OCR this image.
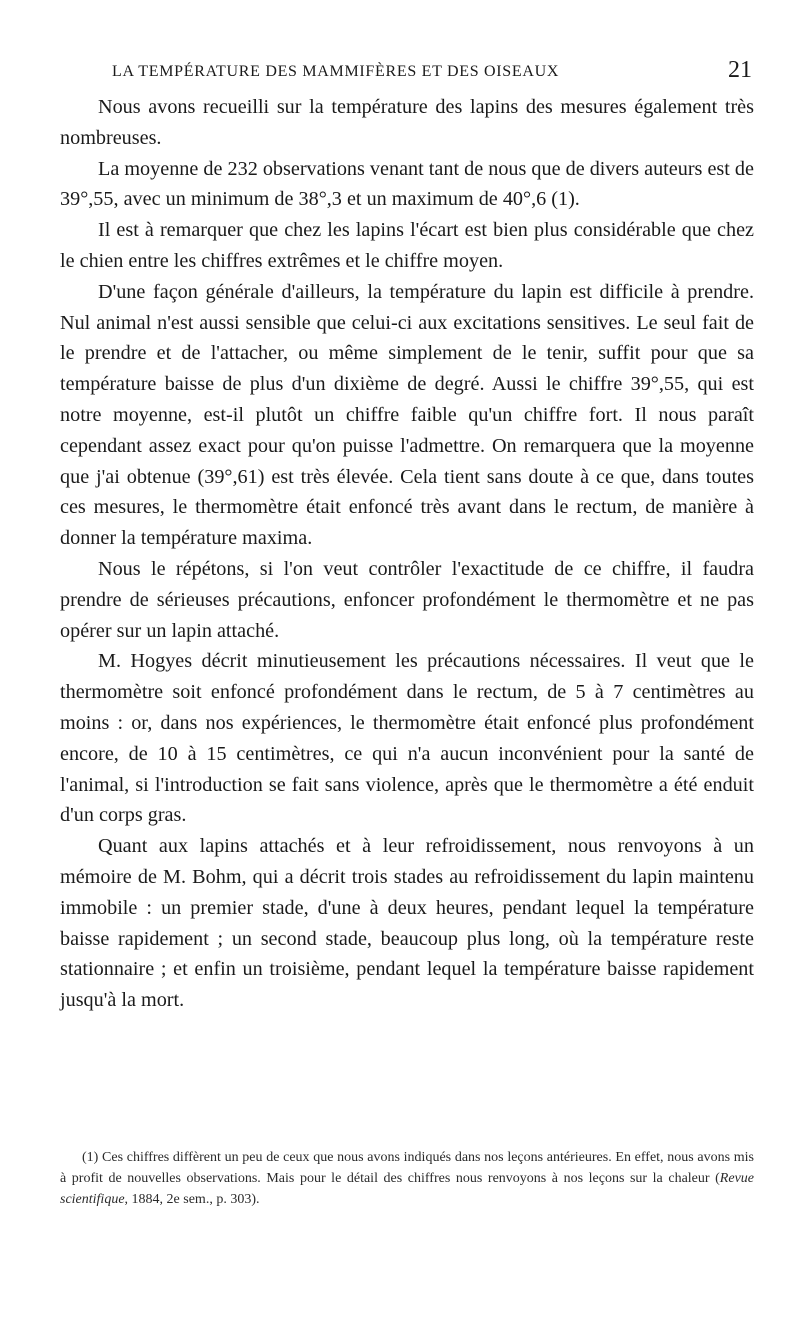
LA TEMPÉRATURE DES MAMMIFÈRES ET DES OISEAUX	21

Nous avons recueilli sur la température des lapins des mesures également très nombreuses.

La moyenne de 232 observations venant tant de nous que de divers auteurs est de 39°,55, avec un minimum de 38°,3 et un maximum de 40°,6 (1).

Il est à remarquer que chez les lapins l'écart est bien plus considérable que chez le chien entre les chiffres extrêmes et le chiffre moyen.

D'une façon générale d'ailleurs, la température du lapin est difficile à prendre. Nul animal n'est aussi sensible que celui-ci aux excitations sensitives. Le seul fait de le prendre et de l'attacher, ou même simplement de le tenir, suffit pour que sa température baisse de plus d'un dixième de degré. Aussi le chiffre 39°,55, qui est notre moyenne, est-il plutôt un chiffre faible qu'un chiffre fort. Il nous paraît cependant assez exact pour qu'on puisse l'admettre. On remarquera que la moyenne que j'ai obtenue (39°,61) est très élevée. Cela tient sans doute à ce que, dans toutes ces mesures, le thermomètre était enfoncé très avant dans le rectum, de manière à donner la température maxima.

Nous le répétons, si l'on veut contrôler l'exactitude de ce chiffre, il faudra prendre de sérieuses précautions, enfoncer profondément le thermomètre et ne pas opérer sur un lapin attaché.

M. Hogyes décrit minutieusement les précautions nécessaires. Il veut que le thermomètre soit enfoncé profondément dans le rectum, de 5 à 7 centimètres au moins : or, dans nos expériences, le thermomètre était enfoncé plus profondément encore, de 10 à 15 centimètres, ce qui n'a aucun inconvénient pour la santé de l'animal, si l'introduction se fait sans violence, après que le thermomètre a été enduit d'un corps gras.

Quant aux lapins attachés et à leur refroidissement, nous renvoyons à un mémoire de M. Bohm, qui a décrit trois stades au refroidissement du lapin maintenu immobile : un premier stade, d'une à deux heures, pendant lequel la température baisse rapidement ; un second stade, beaucoup plus long, où la température reste stationnaire ; et enfin un troisième, pendant lequel la température baisse rapidement jusqu'à la mort.

(1) Ces chiffres diffèrent un peu de ceux que nous avons indiqués dans nos leçons antérieures. En effet, nous avons mis à profit de nouvelles observations. Mais pour le détail des chiffres nous renvoyons à nos leçons sur la chaleur (Revue scientifique, 1884, 2e sem., p. 303).
